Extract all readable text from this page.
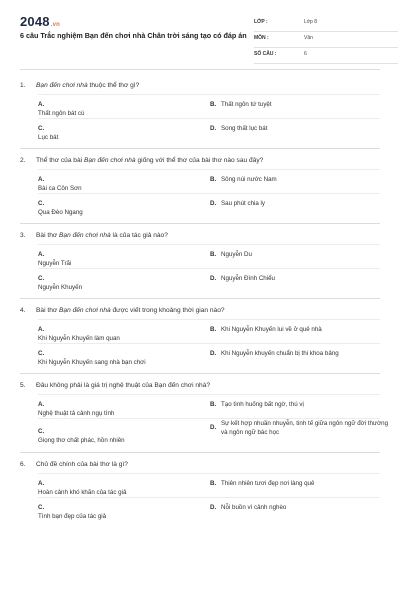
2048.vn
6 câu Trắc nghiệm Bạn đến chơi nhà Chân trời sáng tạo có đáp án
LỚP :	Lớp 8
MÔN :	Văn
SỐ CÂU :	6
1. Bạn đến chơi nhà thuộc thể thơ gì?
A.Thất ngôn bát cú
B. Thất ngôn tứ tuyệt
C.Lục bát
D. Song thất lục bát
2. Thể thơ của bài Bạn đến chơi nhà giống với thể thơ của bài thơ nào sau đây?
A.Bài ca Côn Sơn
B. Sông núi nước Nam
C.Qua Đèo Ngang
D. Sau phút chia ly
3. Bài thơ Bạn đến chơi nhà là của tác giả nào?
A.Nguyễn Trãi
B. Nguyễn Du
C.Nguyễn Khuyến
D. Nguyễn Đình Chiểu
4. Bài thơ Bạn đến chơi nhà được viết trong khoảng thời gian nào?
A.Khi Nguyễn Khuyến làm quan
B. Khi Nguyễn Khuyến lui về ở quê nhà
C.Khi Nguyễn Khuyến sang nhà bạn chơi
D. Khi Nguyễn khuyến chuẩn bị thi khoa bảng
5. Đâu không phải là giá trị nghệ thuật của Bạn đến chơi nhà?
A.Nghệ thuật tả cảnh ngụ tình
B. Tạo tình huống bất ngờ, thú vị
C.Giọng thơ chất phác, hồn nhiên
D.Sự kết hợp nhuần nhuyễn, tinh tế giữa ngôn ngữ đời thường và ngôn ngữ bác học
6. Chủ đề chính của bài thơ là gì?
A.Hoàn cảnh khó khăn của tác giả
B. Thiên nhiên tươi đẹp nơi làng quê
C.Tình bạn đẹp của tác giả
D. Nỗi buồn vì cảnh nghèo
